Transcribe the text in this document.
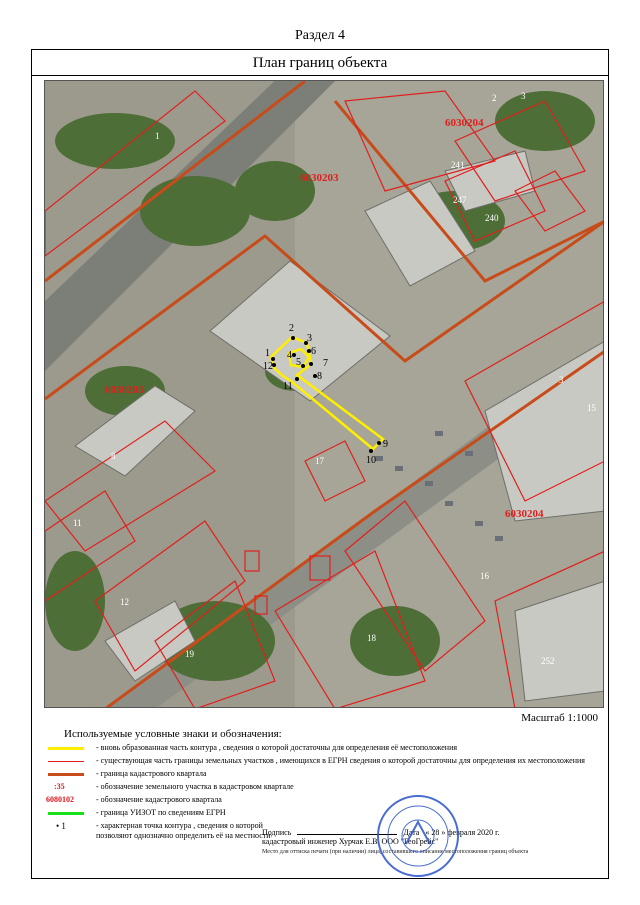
Раздел 4
План границ объекта
6030203
6030204
6030203
6030204
1
2	3
241
247
240
3
15
11
8	17
16
12
19
18
252
1
2
3
4
5
6
7
8
9
10
11
12
Масштаб 1:1000
Используемые условные знаки и обозначения:
- вновь образованная часть контура , сведения о которой достаточны для определения её местоположения
- существующая часть границы земельных участков , имеющихся в ЕГРН сведения о которой достаточны для определения их местоположения
- граница кадастрового квартала
:35	- обозначение земельного участка в кадастровом квартале
6080102	- обозначение кадастрового квартала
- граница УИЗОТ по сведениям ЕГРН
• 1	- характерная точка контура , сведения о которой позволяют однозначно определить её на местности
Подпись	Дата « 28 » февраля 2020 г.
кадастровый инженер Хурчак Е.В. ООО "ГеоГрейс"
Место для оттиска печати (при наличии) лица, составившего описание местоположения границ объекта
